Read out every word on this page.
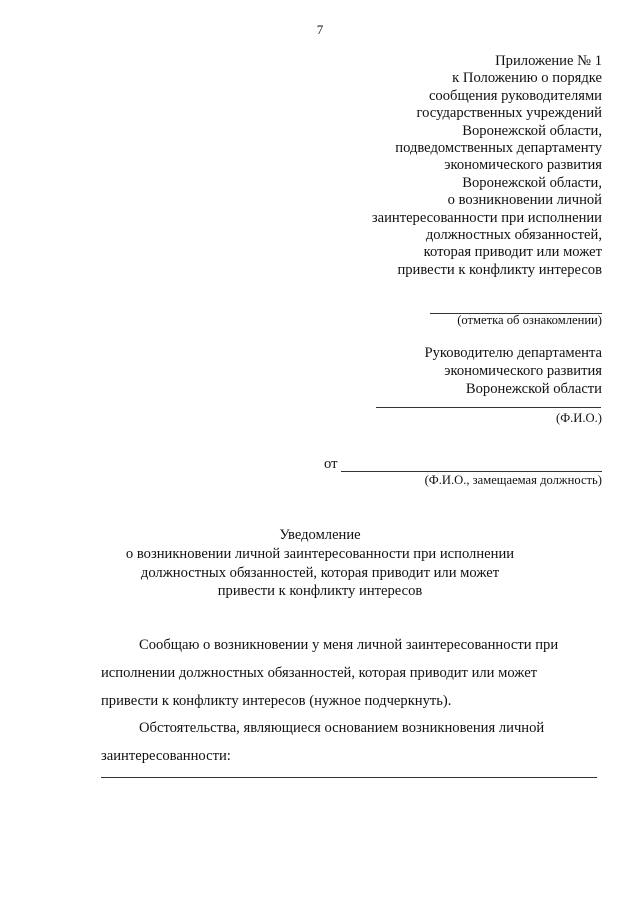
7
Приложение № 1
к Положению о порядке
сообщения руководителями
государственных учреждений
Воронежской области,
подведомственных департаменту
экономического развития
Воронежской области,
о возникновении личной
заинтересованности при исполнении
должностных обязанностей,
которая приводит или может
привести к конфликту интересов
(отметка об ознакомлении)
Руководителю департамента
экономического развития
Воронежской области
(Ф.И.О.)
от
(Ф.И.О., замещаемая должность)
Уведомление
о возникновении личной заинтересованности при исполнении
должностных обязанностей, которая приводит или может
привести к конфликту интересов

Сообщаю о возникновении у меня личной заинтересованности при

исполнении должностных обязанностей, которая приводит или может

привести к конфликту интересов (нужное подчеркнуть).

Обстоятельства, являющиеся основанием возникновения личной

заинтересованности:
